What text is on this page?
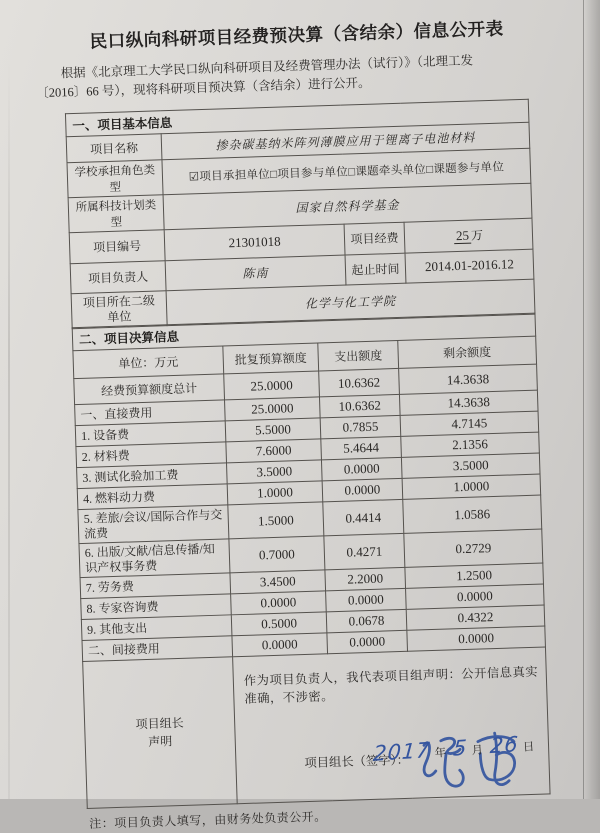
民口纵向科研项目经费预决算（含结余）信息公开表
根据《北京理工大学民口纵向科研项目及经费管理办法（试行）》（北理工发
〔2016〕66 号），现将科研项目预决算（含结余）进行公开。
一、项目基本信息			
项目名称	掺杂碳基纳米阵列薄膜应用于锂离子电池材料		
学校承担角色类型	☑项目承担单位□项目参与单位□课题牵头单位□课题参与单位		
所属科技计划类型	国家自然科学基金		
项目编号	21301018	项目经费	25 万
项目负责人	陈南	起止时间	2014.01-2016.12

项目所在二级
单位	化学与化工学院		
二、项目决算信息			
单位：万元	批复预算额度	支出额度	剩余额度
经费预算额度总计	25.0000	10.6362	14.3638
一、直接费用	25.0000	10.6362	14.3638
1. 设备费	5.5000	0.7855	4.7145
2. 材料费	7.6000	5.4644	2.1356
3. 测试化验加工费	3.5000	0.0000	3.5000
4. 燃料动力费	1.0000	0.0000	1.0000
5. 差旅/会议/国际合作与交流费	1.5000	0.4414	1.0586
6. 出版/文献/信息传播/知识产权事务费	0.7000	0.4271	0.2729
7. 劳务费	3.4500	2.2000	1.2500
8. 专家咨询费	0.0000	0.0000	0.0000
9. 其他支出	0.5000	0.0678	0.4322
二、间接费用	0.0000	0.0000	0.0000

项目组长
声明

作为项目负责人，我代表项目组声明：公开信息真实准确，不涉密。
项目组长（签字）：
2017 年 5 月 26 日
注：项目负责人填写，由财务处负责公开。
